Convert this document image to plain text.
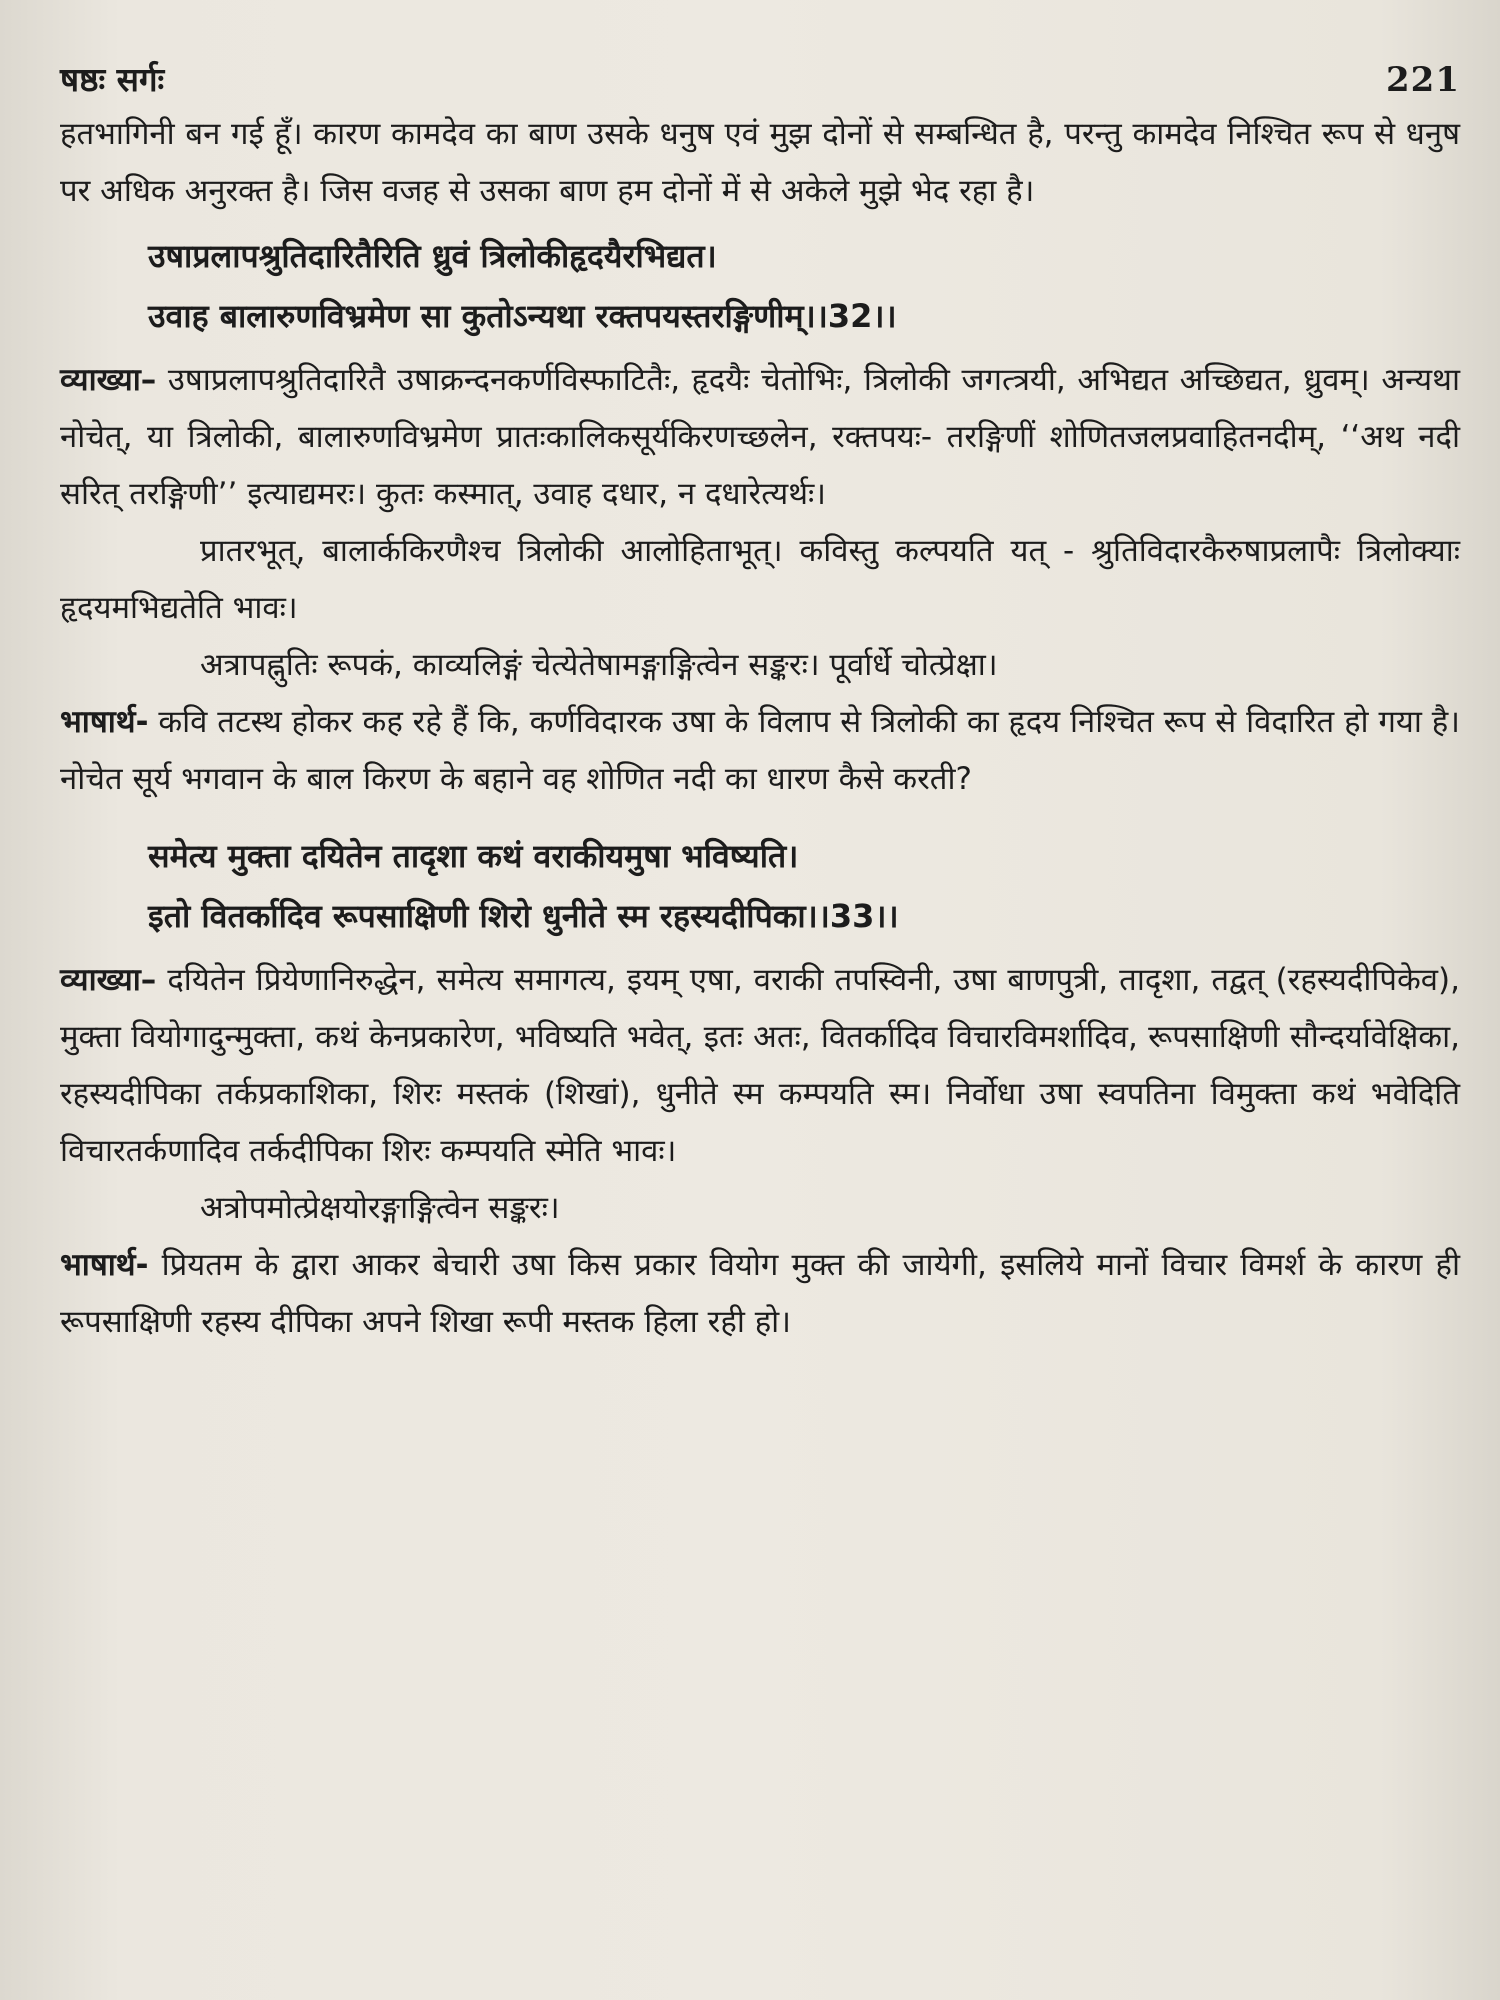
षष्ठः सर्गः	221

हतभागिनी बन गई हूँ। कारण कामदेव का बाण उसके धनुष एवं मुझ दोनों से सम्बन्धित है, परन्तु कामदेव निश्चित रूप से धनुष पर अधिक अनुरक्त है। जिस वजह से उसका बाण हम दोनों में से अकेले मुझे भेद रहा है।

उषाप्रलापश्रुतिदारितैरिति ध्रुवं त्रिलोकीहृदयैरभिद्यत।

उवाह बालारुणविभ्रमेण सा कुतोऽन्यथा रक्तपयस्तरङ्गिणीम्।।32।।

व्याख्या– उषाप्रलापश्रुतिदारितै उषाक्रन्दनकर्णविस्फाटितैः, हृदयैः चेतोभिः, त्रिलोकी जगत्त्रयी, अभिद्यत अच्छिद्यत, ध्रुवम्। अन्यथा नोचेत्, या त्रिलोकी, बालारुणविभ्रमेण प्रातःकालिकसूर्यकिरणच्छलेन, रक्तपयः- तरङ्गिणीं शोणितजलप्रवाहितनदीम्, ‘‘अथ नदी सरित् तरङ्गिणी’’ इत्याद्यमरः। कुतः कस्मात्, उवाह दधार, न दधारेत्यर्थः।

प्रातरभूत्, बालार्ककिरणैश्च त्रिलोकी आलोहिताभूत्। कविस्तु कल्पयति यत् - श्रुतिविदारकैरुषाप्रलापैः त्रिलोक्याः हृदयमभिद्यतेति भावः।

अत्रापह्नुतिः रूपकं, काव्यलिङ्गं चेत्येतेषामङ्गाङ्गित्वेन सङ्करः। पूर्वार्धे चोत्प्रेक्षा।

भाषार्थ- कवि तटस्थ होकर कह रहे हैं कि, कर्णविदारक उषा के विलाप से त्रिलोकी का हृदय निश्चित रूप से विदारित हो गया है। नोचेत सूर्य भगवान के बाल किरण के बहाने वह शोणित नदी का धारण कैसे करती?

समेत्य मुक्ता दयितेन तादृशा कथं वराकीयमुषा भविष्यति।

इतो वितर्कादिव रूपसाक्षिणी शिरो धुनीते स्म रहस्यदीपिका।।33।।

व्याख्या– दयितेन प्रियेणानिरुद्धेन, समेत्य समागत्य, इयम् एषा, वराकी तपस्विनी, उषा बाणपुत्री, तादृशा, तद्वत् (रहस्यदीपिकेव), मुक्ता वियोगादुन्मुक्ता, कथं केनप्रकारेण, भविष्यति भवेत्, इतः अतः, वितर्कादिव विचारविमर्शादिव, रूपसाक्षिणी सौन्दर्यावेक्षिका, रहस्यदीपिका तर्कप्रकाशिका, शिरः मस्तकं (शिखां), धुनीते स्म कम्पयति स्म। निर्वोधा उषा स्वपतिना विमुक्ता कथं भवेदिति विचारतर्कणादिव तर्कदीपिका शिरः कम्पयति स्मेति भावः।

अत्रोपमोत्प्रेक्षयोरङ्गाङ्गित्वेन सङ्करः।

भाषार्थ- प्रियतम के द्वारा आकर बेचारी उषा किस प्रकार वियोग मुक्त की जायेगी, इसलिये मानों विचार विमर्श के कारण ही रूपसाक्षिणी रहस्य दीपिका अपने शिखा रूपी मस्तक हिला रही हो।
